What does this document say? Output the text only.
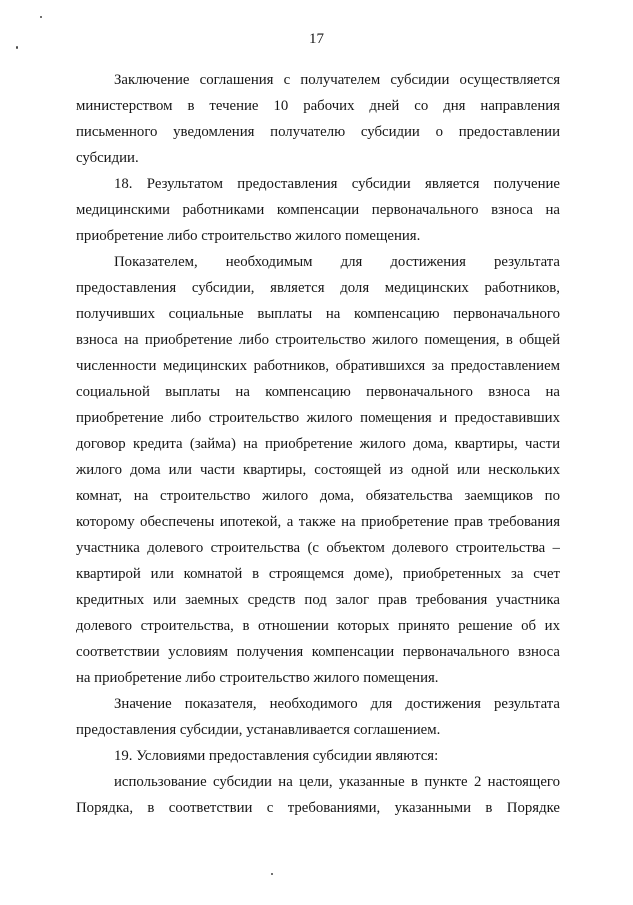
17

Заключение соглашения с получателем субсидии осуществляется
министерством в течение 10 рабочих дней со дня направления
письменного уведомления получателю субсидии о предоставлении
субсидии.

18. Результатом предоставления субсидии является получение
медицинскими работниками компенсации первоначального взноса на
приобретение либо строительство жилого помещения.

Показателем, необходимым для достижения результата
предоставления субсидии, является доля медицинских работников,
получивших социальные выплаты на компенсацию первоначального
взноса на приобретение либо строительство жилого помещения, в общей
численности медицинских работников, обратившихся за предоставлением
социальной выплаты на компенсацию первоначального взноса на
приобретение либо строительство жилого помещения и предоставивших
договор кредита (займа) на приобретение жилого дома, квартиры, части
жилого дома или части квартиры, состоящей из одной или нескольких
комнат, на строительство жилого дома, обязательства заемщиков по
которому обеспечены ипотекой, а также на приобретение прав требования
участника долевого строительства (с объектом долевого строительства –
квартирой или комнатой в строящемся доме), приобретенных за счет
кредитных или заемных средств под залог прав требования участника
долевого строительства, в отношении которых принято решение об их
соответствии условиям получения компенсации первоначального взноса
на приобретение либо строительство жилого помещения.

Значение показателя, необходимого для достижения результата
предоставления субсидии, устанавливается соглашением.

19. Условиями предоставления субсидии являются:

использование субсидии на цели, указанные в пункте 2 настоящего
Порядка, в соответствии с требованиями, указанными в Порядке
